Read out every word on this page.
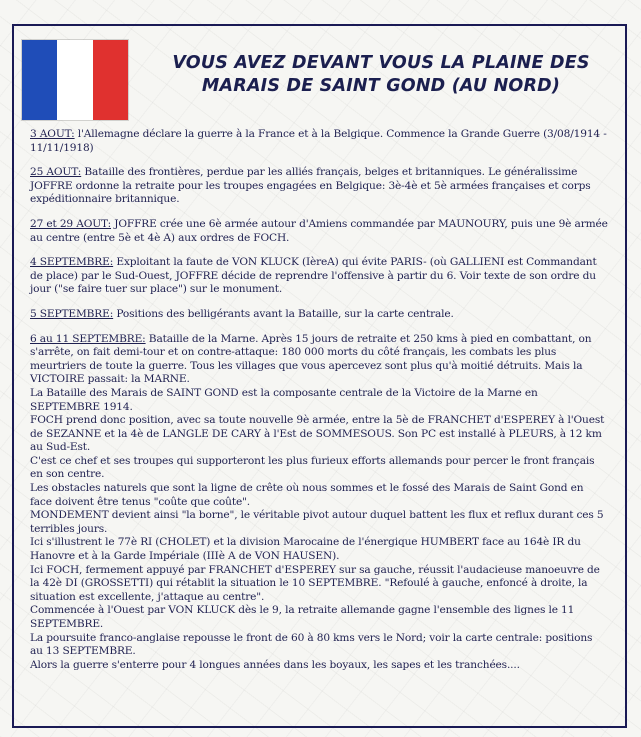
VOUS AVEZ DEVANT VOUS LA PLAINE DES
MARAIS DE SAINT GOND (AU NORD)

3 AOUT: l'Allemagne déclare la guerre à la France et à la Belgique. Commence la Grande Guerre (3/08/1914 - 11/11/1918)

25 AOUT: Bataille des frontières, perdue par les alliés français, belges et britanniques. Le généralissime JOFFRE ordonne la retraite pour les troupes engagées en Belgique: 3è-4è et 5è armées françaises et corps expéditionnaire britannique.

27 et 29 AOUT: JOFFRE crée une 6è armée autour d'Amiens commandée par MAUNOURY, puis une 9è armée au centre (entre 5è et 4è A) aux ordres de FOCH.

4 SEPTEMBRE: Exploitant la faute de VON KLUCK (IèreA) qui évite PARIS- (où GALLIENI est Commandant de place) par le Sud-Ouest, JOFFRE décide de reprendre l'offensive à partir du 6. Voir texte de son ordre du jour ("se faire tuer sur place") sur le monument.

5 SEPTEMBRE: Positions des belligérants avant la Bataille, sur la carte centrale.

6 au 11 SEPTEMBRE: Bataille de la Marne. Après 15 jours de retraite et 250 kms à pied en combattant, on s'arrête, on fait demi-tour et on contre-attaque: 180 000 morts du côté français, les combats les plus meurtriers de toute la guerre. Tous les villages que vous apercevez sont plus qu'à moitié détruits. Mais la VICTOIRE passait: la MARNE.

La Bataille des Marais de SAINT GOND est la composante centrale de la Victoire de la Marne en SEPTEMBRE 1914.

FOCH prend donc position, avec sa toute nouvelle 9è armée, entre la 5è de FRANCHET d'ESPEREY à l'Ouest de SEZANNE et la 4è de LANGLE DE CARY à l'Est de SOMMESOUS. Son PC est installé à PLEURS, à 12 km au Sud-Est.

C'est ce chef et ses troupes qui supporteront les plus furieux efforts allemands pour percer le front français en son centre.

Les obstacles naturels que sont la ligne de crête où nous sommes et le fossé des Marais de Saint Gond en face doivent être tenus "coûte que coûte".

MONDEMENT devient ainsi "la borne", le véritable pivot autour duquel battent les flux et reflux durant ces 5 terribles jours.

Ici s'illustrent le 77è RI (CHOLET) et la division Marocaine de l'énergique HUMBERT face au 164è IR du Hanovre et à la Garde Impériale (IIIè A de VON HAUSEN).

Ici FOCH, fermement appuyé par FRANCHET d'ESPEREY sur sa gauche, réussit l'audacieuse manoeuvre de la 42è DI (GROSSETTI) qui rétablit la situation le 10 SEPTEMBRE. "Refoulé à gauche, enfoncé à droite, la situation est excellente, j'attaque au centre".

Commencée à l'Ouest par VON KLUCK dès le 9, la retraite allemande gagne l'ensemble des lignes le 11 SEPTEMBRE.

La poursuite franco-anglaise repousse le front de 60 à 80 kms vers le Nord; voir la carte centrale: positions au 13 SEPTEMBRE.

Alors la guerre s'enterre pour 4 longues années dans les boyaux, les sapes et les tranchées....
